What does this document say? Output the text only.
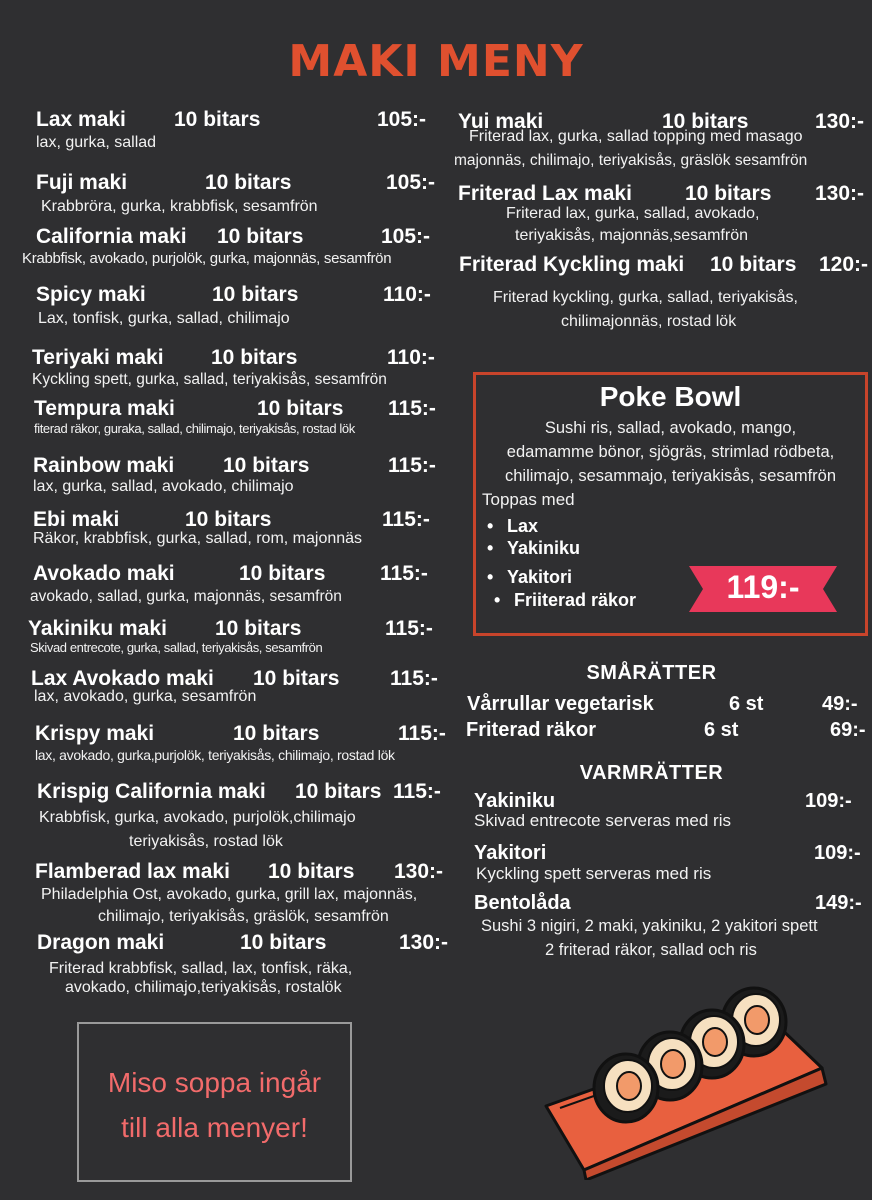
MAKI MENY
Lax maki 10 bitars	105:-
lax, gurka, sallad
Fuji maki	10 bitars	105:-
Krabbröra, gurka, krabbfisk, sesamfrön
California maki 10 bitars	105:-
Krabbfisk, avokado, purjolök, gurka, majonnäs, sesamfrön
Spicy maki	10 bitars	110:-
Lax, tonfisk, gurka, sallad, chilimajo
Teriyaki maki 10 bitars	110:-
Kyckling spett, gurka, sallad, teriyakisås, sesamfrön
Tempura maki	10 bitars 115:-
fiterad räkor, guraka, sallad, chilimajo, teriyakisås, rostad lök
Rainbow maki 10 bitars	115:-
lax, gurka, sallad, avokado, chilimajo
Ebi maki	10 bitars	115:-
Räkor, krabbfisk, gurka, sallad, rom, majonnäs
Avokado maki	10 bitars	115:-
avokado, sallad, gurka, majonnäs, sesamfrön
Yakiniku maki 10 bitars	115:-
Skivad entrecote, gurka, sallad, teriyakisås, sesamfrön
Lax Avokado maki 10 bitars 115:-
lax, avokado, gurka, sesamfrön
Krispy maki	10 bitars	115:-
lax, avokado, gurka,purjolök, teriyakisås, chilimajo, rostad lök
Krispig California maki 10 bitars 115:-
Krabbfisk, gurka, avokado, purjolök,chilimajo
teriyakisås, rostad lök
Flamberad lax maki 10 bitars 130:-
Philadelphia Ost, avokado, gurka, grill lax, majonnäs,
chilimajo, teriyakisås, gräslök, sesamfrön
Dragon maki	10 bitars	130:-
Friterad krabbfisk, sallad, lax, tonfisk, räka,
avokado, chilimajo,teriyakisås, rostalök
Yui maki	10 bitars	130:-
Friterad lax, gurka, sallad topping med masago
majonnäs, chilimajo, teriyakisås, gräslök sesamfrön
Friterad Lax maki	10 bitars 130:-
Friterad lax, gurka, sallad, avokado,
teriyakisås, majonnäs,sesamfrön
Friterad Kyckling maki 10 bitars 120:-
Friterad kyckling, gurka, sallad, teriyakisås,
chilimajonnäs, rostad lök
Poke Bowl
Sushi ris, sallad, avokado, mango,
edamamme bönor, sjögräs, strimlad rödbeta,
chilimajo, sesammajo, teriyakisås, sesamfrön
Toppas med
• Lax
• Yakiniku
• Yakitori
• Friiterad räkor	119:-
SMÅRÄTTER
Vårrullar vegetarisk	6 st	49:-
Friterad räkor	6 st	69:-
VARMRÄTTER
Yakiniku	109:-
Skivad entrecote serveras med ris
Yakitori	109:-
Kyckling spett serveras med ris
Bentolåda	149:-
Sushi 3 nigiri, 2 maki, yakiniku, 2 yakitori spett
2 friterad räkor, sallad och ris
Miso soppa ingår
till alla menyer!
